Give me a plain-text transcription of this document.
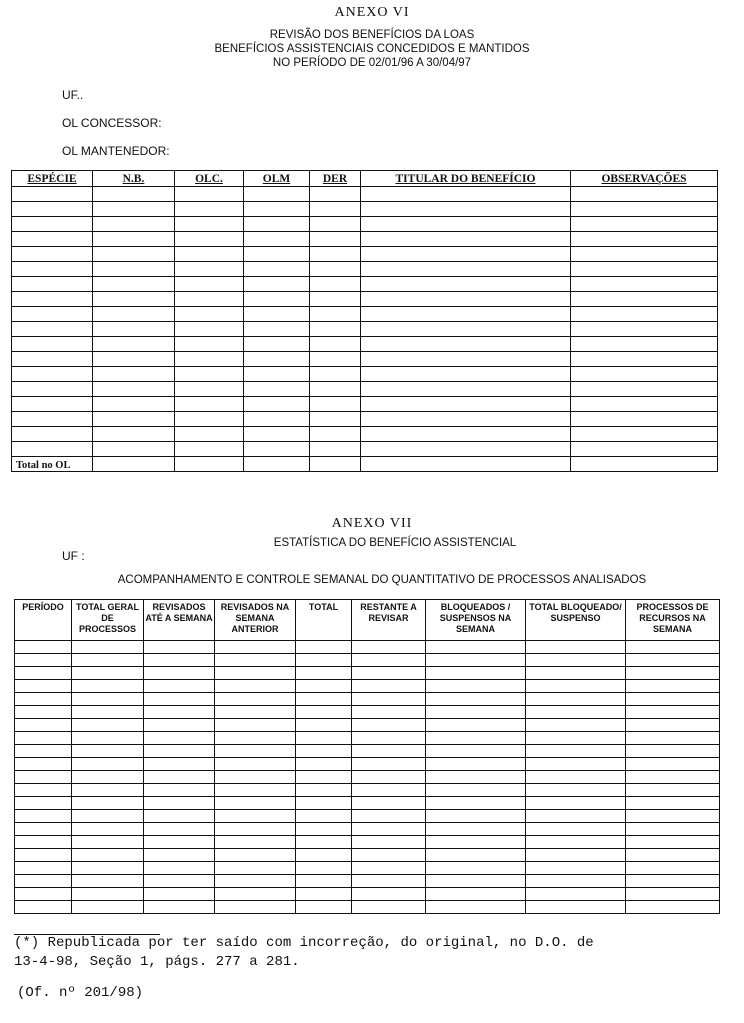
ANEXO VI
REVISÃO DOS BENEFÍCIOS DA LOAS
BENEFÍCIOS ASSISTENCIAIS CONCEDIDOS E MANTIDOS
NO PERÍODO DE 02/01/96 A 30/04/97
UF..
OL CONCESSOR:
OL MANTENEDOR:
ESPÉCIE	N.B.	OLC.	OLM	DER	TITULAR DO BENEFÍCIO	OBSERVAÇÕES

Total no OL						
ANEXO VII
ESTATÍSTICA DO BENEFÍCIO ASSISTENCIAL
UF :
ACOMPANHAMENTO E CONTROLE SEMANAL DO QUANTITATIVO DE PROCESSOS ANALISADOS
PERÍODO	TOTAL GERAL DE PROCESSOS	REVISADOS ATÉ A SEMANA	REVISADOS NA SEMANA ANTERIOR	TOTAL	RESTANTE A REVISAR	BLOQUEADOS / SUSPENSOS NA SEMANA	TOTAL BLOQUEADO/ SUSPENSO	PROCESSOS DE RECURSOS NA SEMANA

(*) Republicada por ter saído com incorreção, do original, no D.O. de
13-4-98, Seção 1, págs. 277 a 281.
(Of. nº 201/98)
